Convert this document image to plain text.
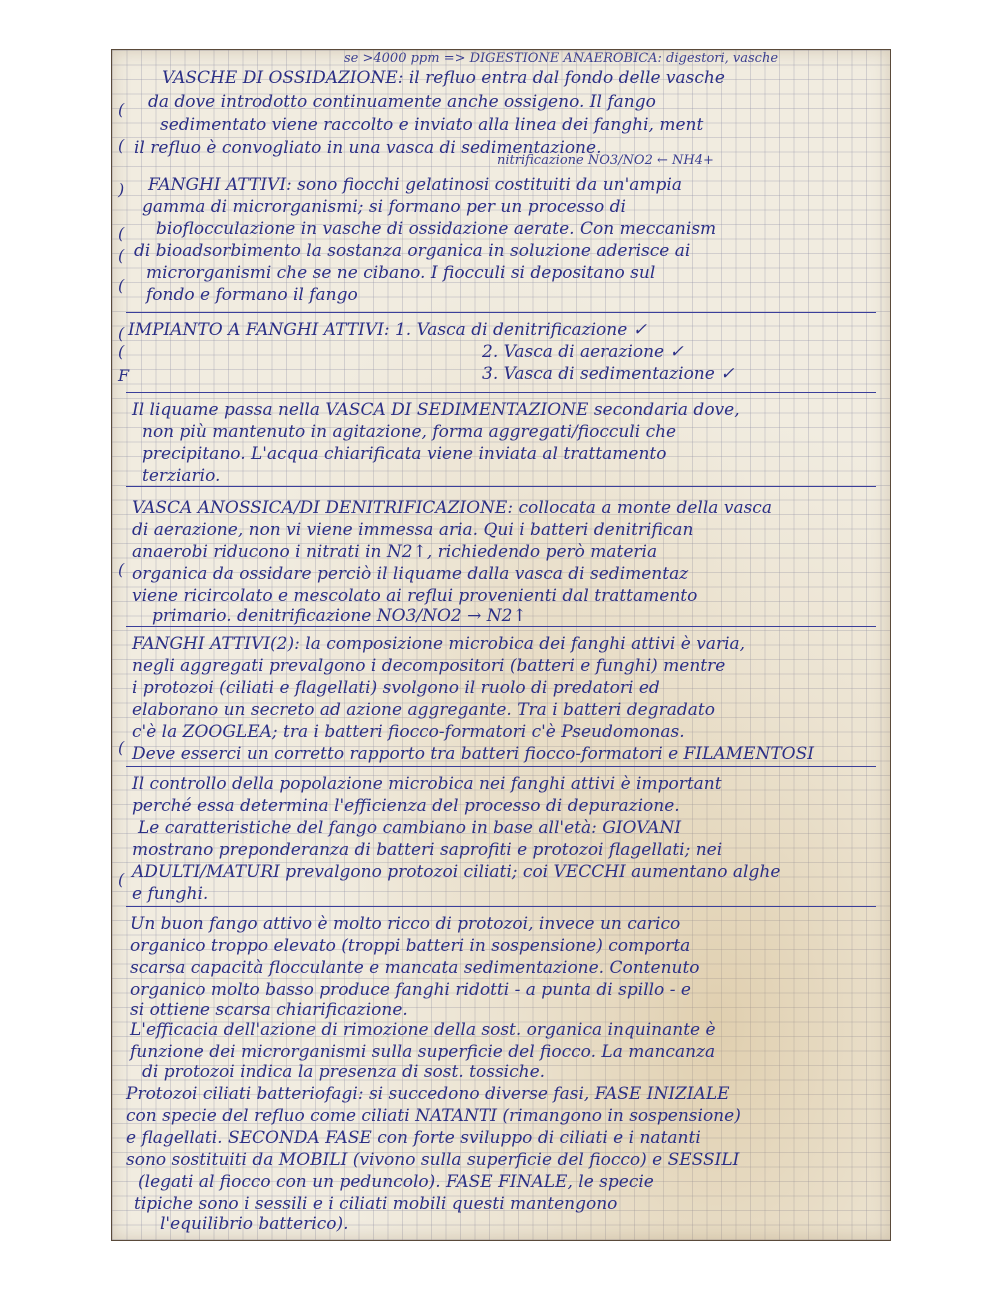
(
(
)
(
(
(
(
(
F
(
(
(
se >4000 ppm => DIGESTIONE ANAEROBICA: digestori, vasche
VASCHE DI OSSIDAZIONE: il refluo entra dal fondo delle vasche
da dove introdotto continuamente anche ossigeno. Il fango
sedimentato viene raccolto e inviato alla linea dei fanghi, ment
il refluo è convogliato in una vasca di sedimentazione.
nitrificazione NO3/NO2 ← NH4+
FANGHI ATTIVI: sono fiocchi gelatinosi costituiti da un'ampia
gamma di microrganismi; si formano per un processo di
bioflocculazione in vasche di ossidazione aerate. Con meccanism
di bioadsorbimento la sostanza organica in soluzione aderisce ai
microrganismi che se ne cibano. I fiocculi si depositano sul
fondo e formano il fango
IMPIANTO A FANGHI ATTIVI: 1. Vasca di denitrificazione ✓
2. Vasca di aerazione ✓
3. Vasca di sedimentazione ✓
Il liquame passa nella VASCA DI SEDIMENTAZIONE secondaria dove,
non più mantenuto in agitazione, forma aggregati/fiocculi che
precipitano. L'acqua chiarificata viene inviata al trattamento
terziario.
VASCA ANOSSICA/DI DENITRIFICAZIONE: collocata a monte della vasca
di aerazione, non vi viene immessa aria. Qui i batteri denitrifican
anaerobi riducono i nitrati in N2↑, richiedendo però materia
organica da ossidare perciò il liquame dalla vasca di sedimentaz
viene ricircolato e mescolato ai reflui provenienti dal trattamento
primario. denitrificazione NO3/NO2 → N2↑
FANGHI ATTIVI(2): la composizione microbica dei fanghi attivi è varia,
negli aggregati prevalgono i decompositori (batteri e funghi) mentre
i protozoi (ciliati e flagellati) svolgono il ruolo di predatori ed
elaborano un secreto ad azione aggregante. Tra i batteri degradato
c'è la ZOOGLEA; tra i batteri fiocco-formatori c'è Pseudomonas.
Deve esserci un corretto rapporto tra batteri fiocco-formatori e FILAMENTOSI
Il controllo della popolazione microbica nei fanghi attivi è important
perché essa determina l'efficienza del processo di depurazione.
Le caratteristiche del fango cambiano in base all'età: GIOVANI
mostrano preponderanza di batteri saprofiti e protozoi flagellati; nei
ADULTI/MATURI prevalgono protozoi ciliati; coi VECCHI aumentano alghe
e funghi.
Un buon fango attivo è molto ricco di protozoi, invece un carico
organico troppo elevato (troppi batteri in sospensione) comporta
scarsa capacità flocculante e mancata sedimentazione. Contenuto
organico molto basso produce fanghi ridotti - a punta di spillo - e
si ottiene scarsa chiarificazione.
L'efficacia dell'azione di rimozione della sost. organica inquinante è
funzione dei microrganismi sulla superficie del fiocco. La mancanza
di protozoi indica la presenza di sost. tossiche.
Protozoi ciliati batteriofagi: si succedono diverse fasi, FASE INIZIALE
con specie del refluo come ciliati NATANTI (rimangono in sospensione)
e flagellati. SECONDA FASE con forte sviluppo di ciliati e i natanti
sono sostituiti da MOBILI (vivono sulla superficie del fiocco) e SESSILI
(legati al fiocco con un peduncolo). FASE FINALE, le specie
tipiche sono i sessili e i ciliati mobili questi mantengono
l'equilibrio batterico).
